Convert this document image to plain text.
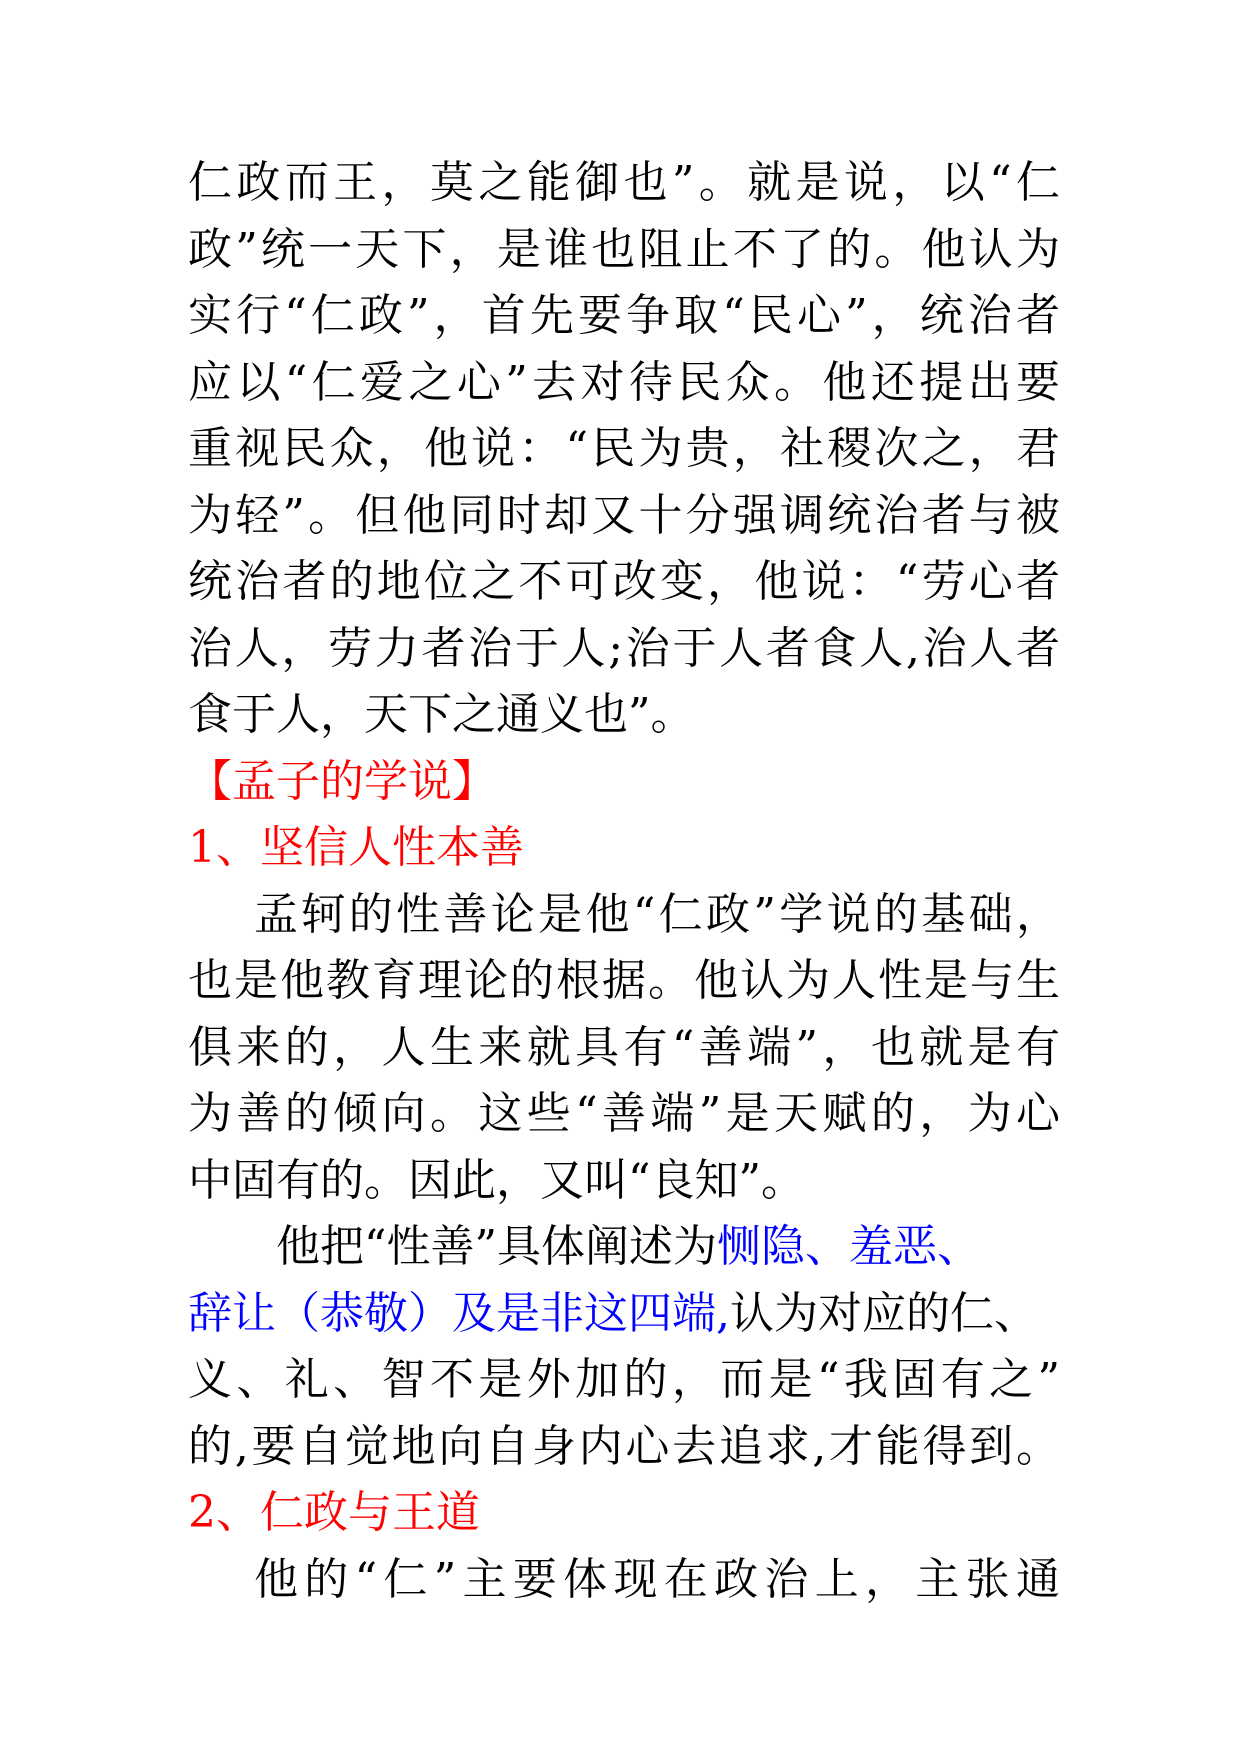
仁政而王，莫之能御也”。就是说，以“仁
政”统一天下，是谁也阻止不了的。他认为
实行“仁政”，首先要争取“民心”，统治者
应以“仁爱之心”去对待民众。他还提出要
重视民众，他说：“民为贵，社稷次之，君
为轻”。但他同时却又十分强调统治者与被
统治者的地位之不可改变，他说：“劳心者
治人，劳力者治于人;治于人者食人,治人者
食于人，天下之通义也”。
【孟子的学说】
1、坚信人性本善
孟轲的性善论是他“仁政”学说的基础，
也是他教育理论的根据。他认为人性是与生
俱来的，人生来就具有“善端”，也就是有
为善的倾向。这些“善端”是天赋的，为心
中固有的。因此，又叫“良知”。
他把“性善”具体阐述为恻隐、羞恶、
辞让（恭敬）及是非这四端,认为对应的仁、
义、礼、智不是外加的，而是“我固有之”
的,要自觉地向自身内心去追求,才能得到。
2、仁政与王道
他的“仁”主要体现在政治上，主张通
